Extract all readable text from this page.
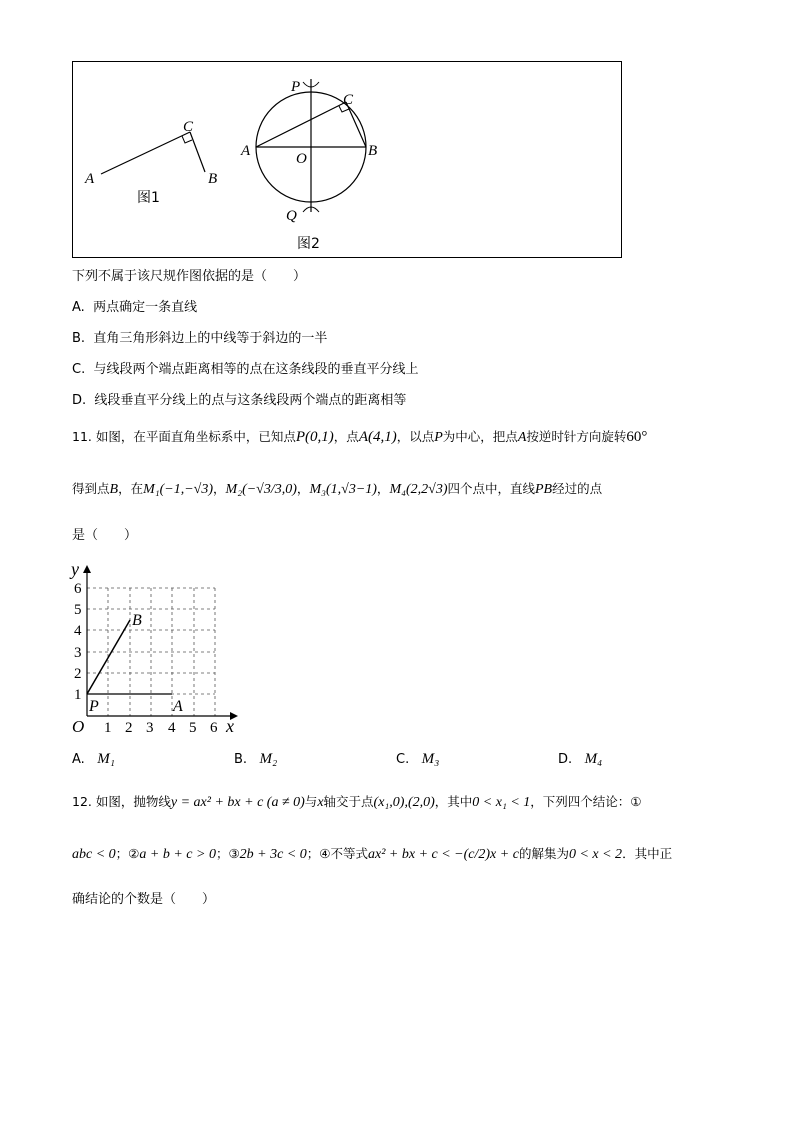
A
C
B
图1
P
C
A	O	B
Q
图2
下列不属于该尺规作图依据的是（　　）
A. 两点确定一条直线
B. 直角三角形斜边上的中线等于斜边的一半
C. 与线段两个端点距离相等的点在这条线段的垂直平分线上
D. 线段垂直平分线上的点与这条线段两个端点的距离相等
11. 如图，在平面直角坐标系中，已知点P(0,1)，点A(4,1)，以点P为中心，把点A按逆时针方向旋转60°
得到点B，在M₁(−1,−√3)，M₂(−√3/3,0)，M₃(1,√3−1)，M₄(2,2√3)四个点中，直线PB经过的点
是（　　）
y
x
O
1
2
3
4
5
6
1 2 3 4 5 6
B
P	A
A. M₁	B. M₂	C. M₃	D. M₄
12. 如图，抛物线y = ax² + bx + c (a ≠ 0)与x轴交于点(x₁,0),(2,0)，其中0 < x₁ < 1，下列四个结论：①
abc < 0；②a + b + c > 0；③2b + 3c < 0；④不等式ax² + bx + c < −(c/2)x + c的解集为0 < x < 2．其中正
确结论的个数是（　　）
